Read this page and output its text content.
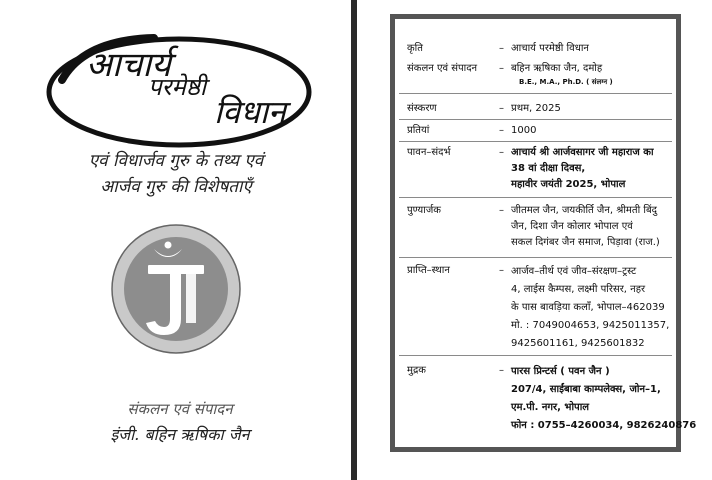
आचार्य
परमेष्ठी
विधान
एवं विधार्जव गुरु के तथ्य एवं
आर्जव गुरु की विशेषताएँ
संकलन एवं संपादन
इंजी. बहिन ऋषिका जैन
कृति	– आचार्य परमेष्ठी विधान
संकलन एवं संपादन	– बहिन ऋषिका जैन, दमोह
B.E., M.A., Ph.D. ( संलग्न )
संस्करण	– प्रथम, 2025
प्रतियां	– 1000
पावन–संदर्भ	– आचार्य श्री आर्जवसागर जी महाराज का
38 वां दीक्षा दिवस,
महावीर जयंती 2025, भोपाल
पुण्यार्जक	– जीतमल जैन, जयकीर्ति जैन, श्रीमती बिंदु
जैन, दिशा जैन कोलार भोपाल एवं
सकल दिगंबर जैन समाज, पिड़ावा (राज.)
प्राप्ति–स्थान	– आर्जव–तीर्थ एवं जीव–संरक्षण–ट्रस्ट
4, लाईस कैम्पस, लक्ष्मी परिसर, नहर
के पास बावड़िया कलाँ, भोपाल–462039
मो. : 7049004653, 9425011357,
9425601161, 9425601832
मुद्रक	– पारस प्रिन्टर्स ( पवन जैन )
207/4, साईंबाबा काम्पलेक्स, जोन–1,
एम.पी. नगर, भोपाल
फोन : 0755–4260034, 9826240876
